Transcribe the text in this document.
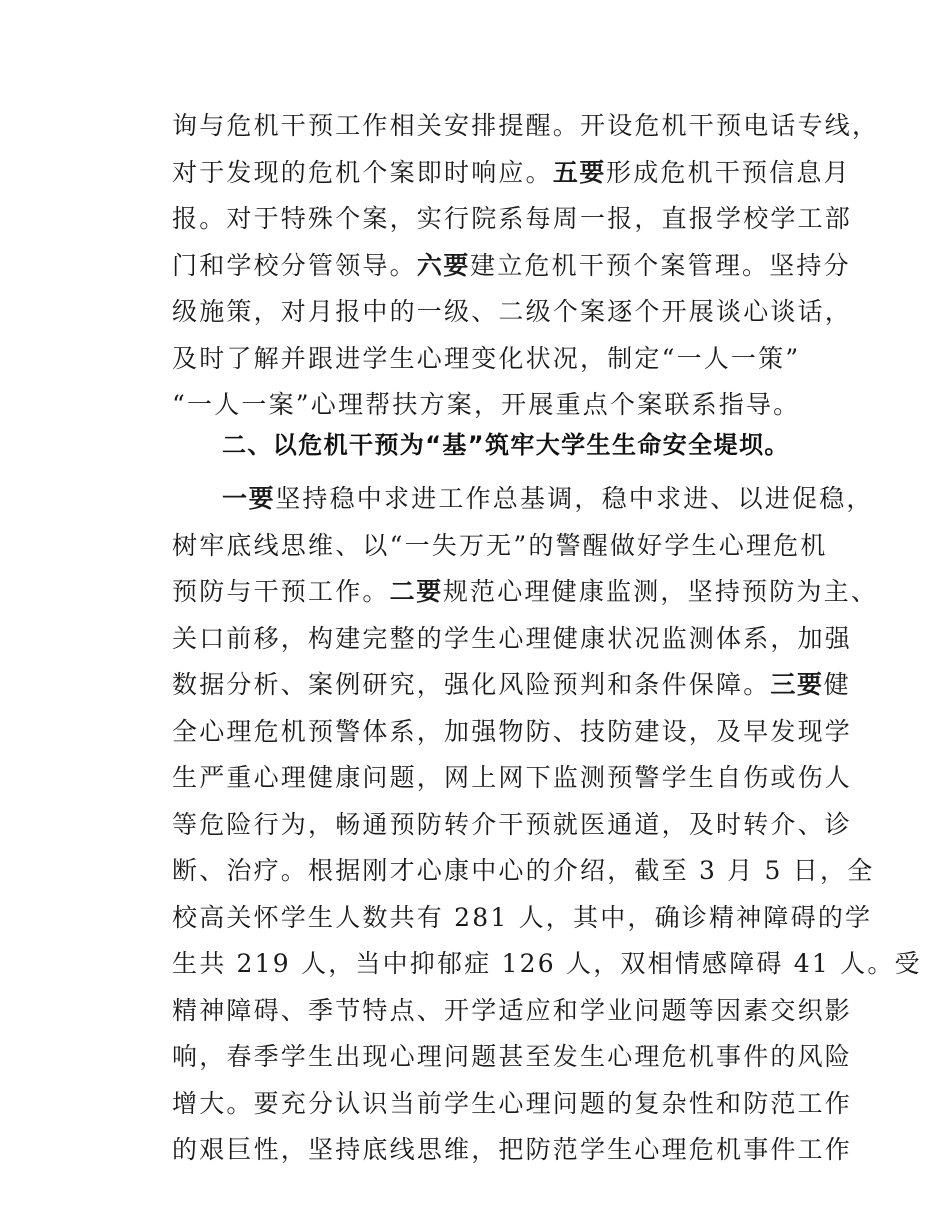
询与危机干预工作相关安排提醒。开设危机干预电话专线，
对于发现的危机个案即时响应。五要形成危机干预信息月
报。对于特殊个案，实行院系每周一报，直报学校学工部
门和学校分管领导。六要建立危机干预个案管理。坚持分
级施策，对月报中的一级、二级个案逐个开展谈心谈话，
及时了解并跟进学生心理变化状况，制定“一人一策”
“一人一案”心理帮扶方案，开展重点个案联系指导。
二、以危机干预为“基”筑牢大学生生命安全堤坝。
一要坚持稳中求进工作总基调，稳中求进、以进促稳，
树牢底线思维、以“一失万无”的警醒做好学生心理危机
预防与干预工作。二要规范心理健康监测，坚持预防为主、
关口前移，构建完整的学生心理健康状况监测体系，加强
数据分析、案例研究，强化风险预判和条件保障。三要健
全心理危机预警体系，加强物防、技防建设，及早发现学
生严重心理健康问题，网上网下监测预警学生自伤或伤人
等危险行为，畅通预防转介干预就医通道，及时转介、诊
断、治疗。根据刚才心康中心的介绍，截至 3 月 5 日，全
校高关怀学生人数共有 281 人，其中，确诊精神障碍的学
生共 219 人，当中抑郁症 126 人，双相情感障碍 41 人。受
精神障碍、季节特点、开学适应和学业问题等因素交织影
响，春季学生出现心理问题甚至发生心理危机事件的风险
增大。要充分认识当前学生心理问题的复杂性和防范工作
的艰巨性，坚持底线思维，把防范学生心理危机事件工作
